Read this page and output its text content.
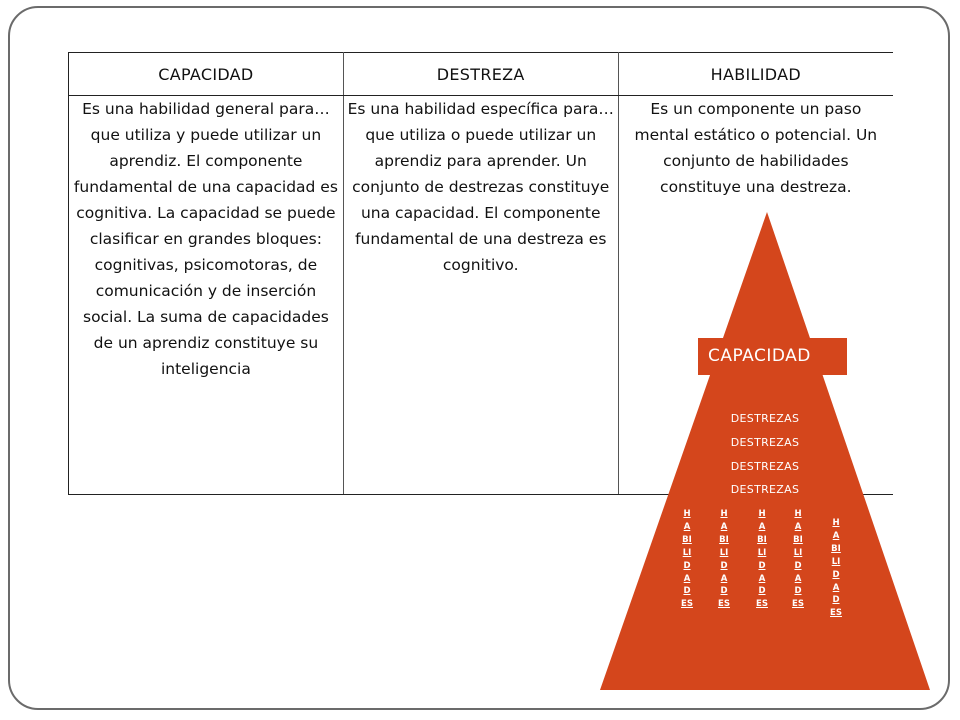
CAPACIDAD	DESTREZA	HABILIDAD
Es una habilidad general para… que utiliza y puede utilizar un aprendiz. El componente fundamental de una capacidad es cognitiva. La capacidad se puede clasificar en grandes bloques: cognitivas, psicomotoras, de comunicación y de inserción social. La suma de capacidades de un aprendiz constituye su inteligencia	Es una habilidad específica para… que utiliza o puede utilizar un aprendiz para aprender. Un conjunto de destrezas constituye una capacidad. El componente fundamental de una destreza es cognitivo.	Es un componente un paso mental estático o potencial. Un conjunto de habilidades constituye una destreza.
CAPACIDAD
DESTREZAS
DESTREZAS
DESTREZAS
DESTREZAS
HABILIDADES
HABILIDADES
HABILIDADES
HABILIDADES
HABILIDADES
